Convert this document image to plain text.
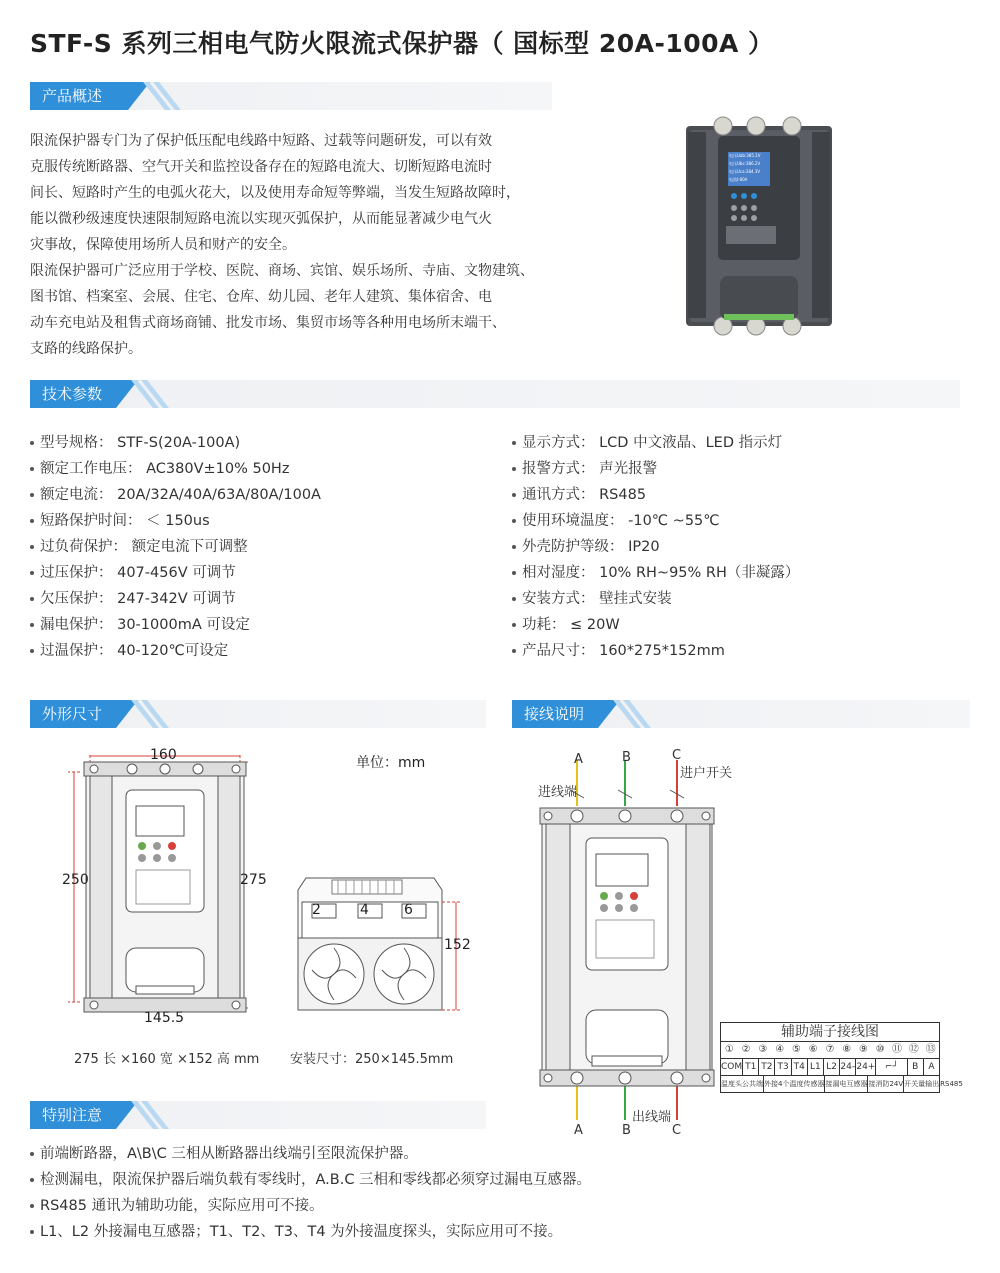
STF-S 系列三相电气防火限流式保护器（ 国标型 20A-100A ）
产品概述
限流保护器专门为了保护低压配电线路中短路、过载等问题研发，可以有效
克服传统断路器、空气开关和监控设备存在的短路电流大、切断短路电流时
间长、短路时产生的电弧火花大，以及使用寿命短等弊端，当发生短路故障时，
能以微秒级速度快速限制短路电流以实现灭弧保护，从而能显著减少电气火
灾事故，保障使用场所人员和财产的安全。
限流保护器可广泛应用于学校、医院、商场、宾馆、娱乐场所、寺庙、文物建筑、
图书馆、档案室、会展、住宅、仓库、幼儿园、老年人建筑、集体宿舍、电
动车充电站及租售式商场商铺、批发市场、集贸市场等各种用电场所末端干、
支路的线路保护。
技术参数
型号规格： STF-S(20A-100A)
额定工作电压： AC380V±10% 50Hz
额定电流： 20A/32A/40A/63A/80A/100A
短路保护时间： ＜ 150us
过负荷保护： 额定电流下可调整
过压保护： 407-456V 可调节
欠压保护： 247-342V 可调节
漏电保护： 30-1000mA 可设定
过温保护： 40-120℃可设定
显示方式： LCD 中文液晶、LED 指示灯
报警方式： 声光报警
通讯方式： RS485
使用环境温度： -10℃ ~55℃
外壳防护等级： IP20
相对湿度： 10% RH~95% RH（非凝露）
安装方式： 壁挂式安装
功耗： ≤ 20W
产品尺寸： 160*275*152mm
外形尺寸	接线说明
160
250	275
145.5
单位：mm
2	4	6
152
275 长 ×160 宽 ×152 高 mm 安装尺寸：250×145.5mm
A	B	C
进户开关
进线端
出线端
A	B	C
辅助端子接线图
① ② ③ ④ ⑤ ⑥ ⑦ ⑧ ⑨ ⑩ ⑪ ⑫ ⑬
COM T1 T2 T3 T4 L1 L2 24- 24+	⌐┘	B	A
温度头公共端 外接4个温度传感器 接漏电互感器 接消防24V 开关量输出 RS485
特别注意
前端断路器，A\B\C 三相从断路器出线端引至限流保护器。
检测漏电，限流保护器后端负载有零线时，A.B.C 三相和零线都必须穿过漏电互感器。
RS485 通讯为辅助功能，实际应用可不接。
L1、L2 外接漏电互感器；T1、T2、T3、T4 为外接温度探头，实际应用可不接。
电压Uab:385.1V
电压Ubc:386.2V
电压Uca:384.3V
电流I:80A
